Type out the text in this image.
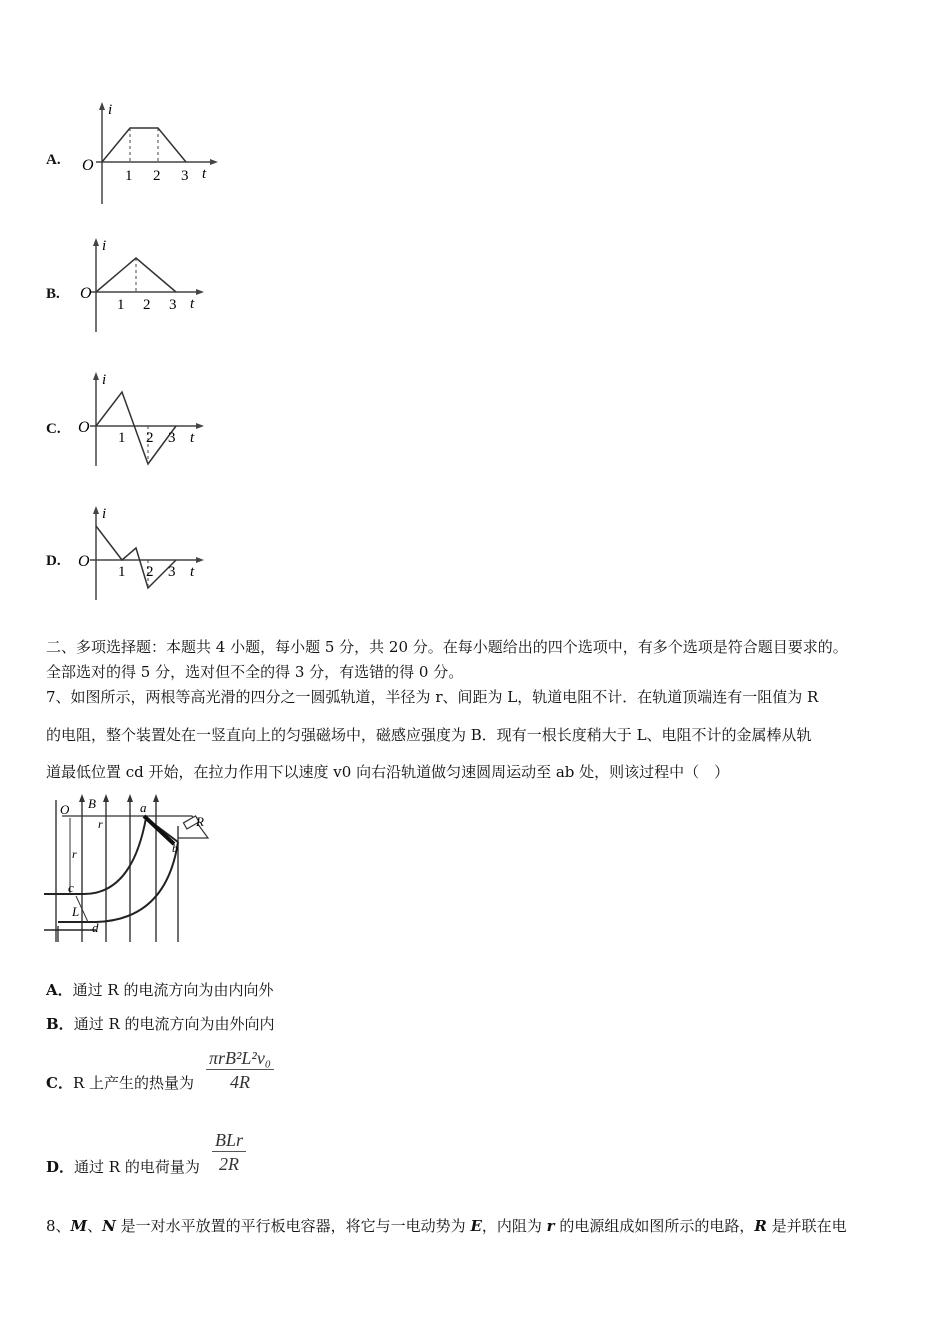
A.
i
t
O
1 2 3
B.
i
t
O
1 2 3
C.
i
t
O
1 2 3
D.
i
t
O
1 2 3
二、多项选择题：本题共 4 小题，每小题 5 分，共 20 分。在每小题给出的四个选项中，有多个选项是符合题目要求的。
全部选对的得 5 分，选对但不全的得 3 分，有选错的得 0 分。
7、如图所示，两根等高光滑的四分之一圆弧轨道，半径为 r、间距为 L，轨道电阻不计．在轨道顶端连有一阻值为 R
的电阻，整个装置处在一竖直向上的匀强磁场中，磁感应强度为 B．现有一根长度稍大于 L、电阻不计的金属棒从轨
道最低位置 cd 开始，在拉力作用下以速度 v0 向右沿轨道做匀速圆周运动至 ab 处，则该过程中（　）
O B
r
a
R
b
r
c
L
d
A．通过 R 的电流方向为由内向外
B．通过 R 的电流方向为由外向内
C．R 上产生的热量为
πrB²L²v₀
4R
D．通过 R 的电荷量为
BLr
2R
8、M、N 是一对水平放置的平行板电容器，将它与一电动势为 E，内阻为 r 的电源组成如图所示的电路，R 是并联在电
